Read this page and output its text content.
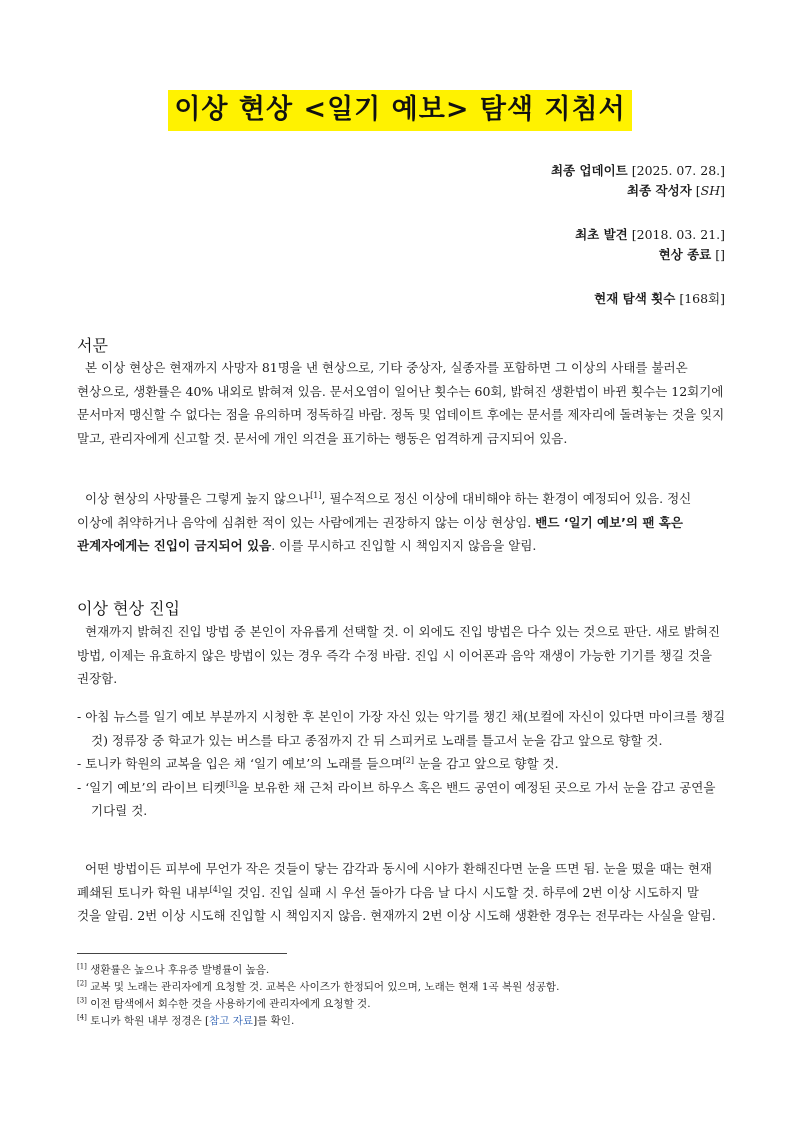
이상 현상 <일기 예보> 탐색 지침서
최종 업데이트 [2025. 07. 28.]
최종 작성자 [SH]
최초 발견 [2018. 03. 21.]
현상 종료 []
현재 탐색 횟수 [168회]
서문
본 이상 현상은 현재까지 사망자 81명을 낸 현상으로, 기타 중상자, 실종자를 포함하면 그 이상의 사태를 불러온 현상으로, 생환률은 40% 내외로 밝혀져 있음. 문서오염이 일어난 횟수는 60회, 밝혀진 생환법이 바뀐 횟수는 12회기에 문서마저 맹신할 수 없다는 점을 유의하며 정독하길 바람. 정독 및 업데이트 후에는 문서를 제자리에 돌려놓는 것을 잊지 말고, 관리자에게 신고할 것. 문서에 개인 의견을 표기하는 행동은 엄격하게 금지되어 있음.
이상 현상의 사망률은 그렇게 높지 않으나[1], 필수적으로 정신 이상에 대비해야 하는 환경이 예정되어 있음. 정신 이상에 취약하거나 음악에 심취한 적이 있는 사람에게는 권장하지 않는 이상 현상임. 밴드 ‘일기 예보’의 팬 혹은 관계자에게는 진입이 금지되어 있음. 이를 무시하고 진입할 시 책임지지 않음을 알림.
이상 현상 진입
현재까지 밝혀진 진입 방법 중 본인이 자유롭게 선택할 것. 이 외에도 진입 방법은 다수 있는 것으로 판단. 새로 밝혀진 방법, 이제는 유효하지 않은 방법이 있는 경우 즉각 수정 바람. 진입 시 이어폰과 음악 재생이 가능한 기기를 챙길 것을 권장함.
- 아침 뉴스를 일기 예보 부분까지 시청한 후 본인이 가장 자신 있는 악기를 챙긴 채(보컬에 자신이 있다면 마이크를 챙길 것) 정류장 중 학교가 있는 버스를 타고 종점까지 간 뒤 스피커로 노래를 틀고서 눈을 감고 앞으로 향할 것.
- 토니카 학원의 교복을 입은 채 ‘일기 예보’의 노래를 들으며[2] 눈을 감고 앞으로 향할 것.
- ‘일기 예보’의 라이브 티켓[3]을 보유한 채 근처 라이브 하우스 혹은 밴드 공연이 예정된 곳으로 가서 눈을 감고 공연을 기다릴 것.
어떤 방법이든 피부에 무언가 작은 것들이 닿는 감각과 동시에 시야가 환해진다면 눈을 뜨면 됨. 눈을 떴을 때는 현재 폐쇄된 토니카 학원 내부[4]일 것임. 진입 실패 시 우선 돌아가 다음 날 다시 시도할 것. 하루에 2번 이상 시도하지 말 것을 알림. 2번 이상 시도해 진입할 시 책임지지 않음. 현재까지 2번 이상 시도해 생환한 경우는 전무라는 사실을 알림.
[1] 생환률은 높으나 후유증 발병률이 높음.
[2] 교복 및 노래는 관리자에게 요청할 것. 교복은 사이즈가 한정되어 있으며, 노래는 현재 1곡 복원 성공함.
[3] 이전 탐색에서 회수한 것을 사용하기에 관리자에게 요청할 것.
[4] 토니카 학원 내부 정경은 [참고 자료]를 확인.
